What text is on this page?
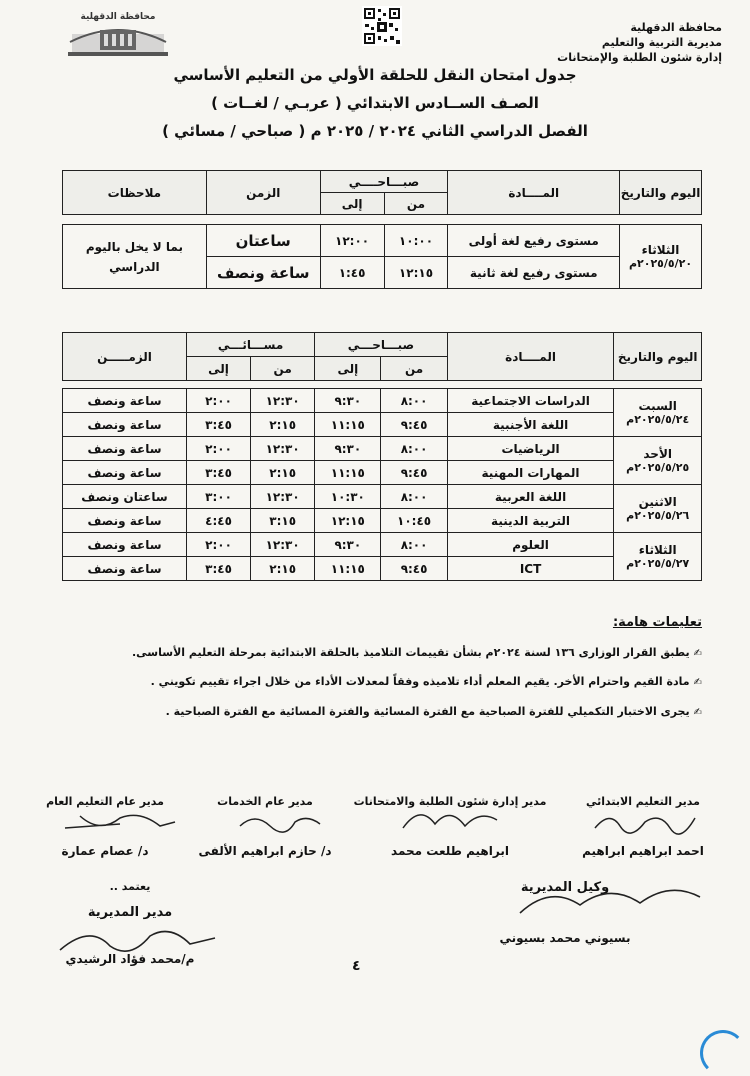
محافظة الدقهلية
مديرية التربية والتعليم
إدارة شئون الطلبة والإمتحانات
محافظة الدقهلية
جدول امتحان النقل للحلقة الأولي من التعليم الأساسي
الصـف الســادس الابتدائي ( عربـي / لغــات )
الفصل الدراسي الثاني ٢٠٢٤ / ٢٠٢٥ م ( صباحي / مسائي )
اليوم والتاريخ	المــــادة	صبـــاحــــي		الزمن	ملاحظات
		من	إلى		

الثلاثاء
٢٠٢٥/٥/٢٠م	مستوى رفيع لغة أولى	١٠:٠٠	١٢:٠٠	ساعتان	بما لا يخل باليوم الدراسي
	مستوى رفيع لغة ثانية	١٢:١٥	١:٤٥	ساعة ونصف	
اليوم والتاريخ	المــــادة	صبـــاحـــي		مســـائـــي		الزمـــــن
		من	إلى	من	إلى	

السبت
٢٠٢٥/٥/٢٤م	الدراسات الاجتماعية	٨:٠٠	٩:٣٠	١٢:٣٠	٢:٠٠	ساعة ونصف
	اللغة الأجنبية	٩:٤٥	١١:١٥	٢:١٥	٣:٤٥	ساعة ونصف

الأحد
٢٠٢٥/٥/٢٥م	الرياضيات	٨:٠٠	٩:٣٠	١٢:٣٠	٢:٠٠	ساعة ونصف
	المهارات المهنية	٩:٤٥	١١:١٥	٢:١٥	٣:٤٥	ساعة ونصف

الاثنين
٢٠٢٥/٥/٢٦م	اللغة العربية	٨:٠٠	١٠:٣٠	١٢:٣٠	٣:٠٠	ساعتان ونصف
	التربية الدينية	١٠:٤٥	١٢:١٥	٣:١٥	٤:٤٥	ساعة ونصف

الثلاثاء
٢٠٢٥/٥/٢٧م	العلوم	٨:٠٠	٩:٣٠	١٢:٣٠	٢:٠٠	ساعة ونصف
	ICT	٩:٤٥	١١:١٥	٢:١٥	٣:٤٥	ساعة ونصف
تعليمات هامة:
✍يطبق القرار الوزارى ١٣٦ لسنة ٢٠٢٤م بشأن تقييمات التلاميذ بالحلقة الابتدائية بمرحلة التعليم الأساسى.
✍مادة القيم واحترام الأخر. يقيم المعلم أداء تلاميذه وفقاً لمعدلات الأداء من خلال اجراء تقييم تكويني .
✍يجرى الاختبار التكميلي للفترة الصباحية مع الفترة المسائية والفترة المسائية مع الفترة الصباحية .
مدير التعليم الابتدائي
احمد ابراهيم ابراهيم
مدير إدارة شئون الطلبة والامتحانات
ابراهيم طلعت محمد
مدير عام الخدمات
د/ حازم ابراهيم الألفى
مدير عام التعليم العام
د/ عصام عمارة
وكيل المديرية
بسيوني محمد بسيوني
يعتمد ..
مدير المديرية
م/محمد فؤاد الرشيدي	٤
